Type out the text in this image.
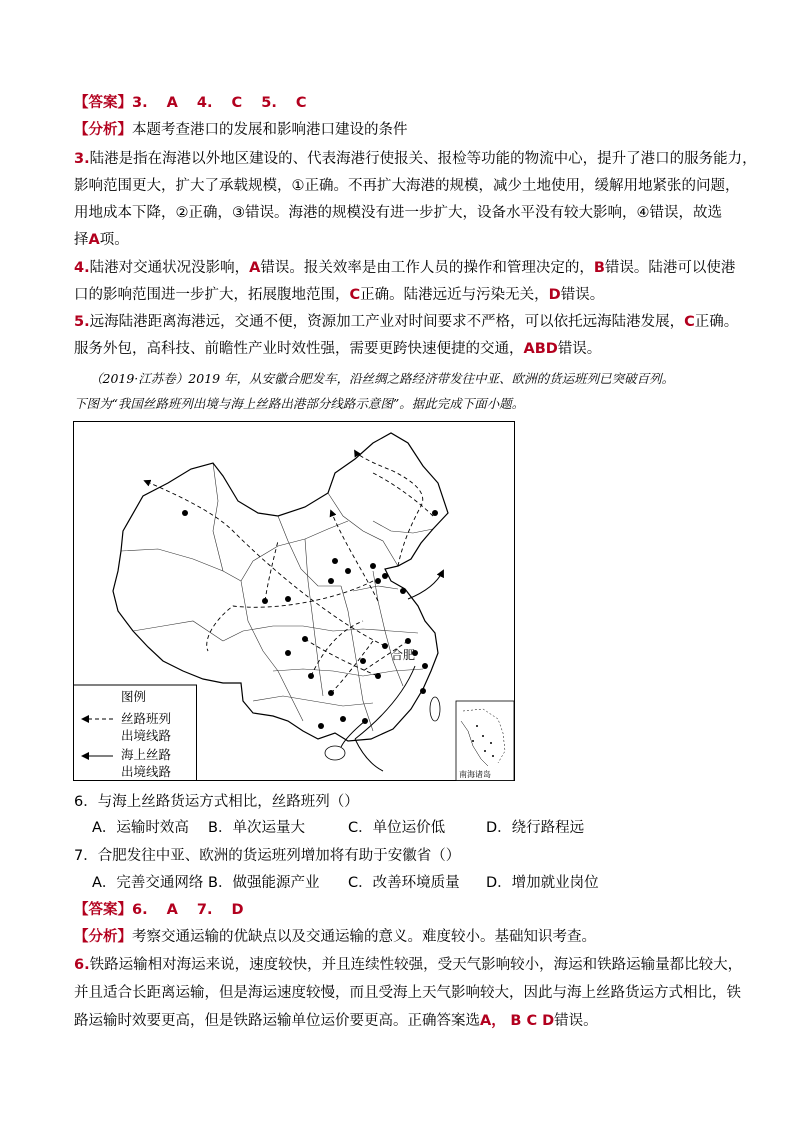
【答案】3. A 4. C 5. C
【分析】本题考查港口的发展和影响港口建设的条件
3.陆港是指在海港以外地区建设的、代表海港行使报关、报检等功能的物流中心，提升了港口的服务能力，
影响范围更大，扩大了承载规模，①正确。不再扩大海港的规模，减少土地使用，缓解用地紧张的问题，
用地成本下降，②正确，③错误。海港的规模没有进一步扩大，设备水平没有较大影响，④错误，故选
择A项。
4.陆港对交通状况没影响，A错误。报关效率是由工作人员的操作和管理决定的，B错误。陆港可以使港
口的影响范围进一步扩大，拓展腹地范围，C正确。陆港远近与污染无关，D错误。
5.远海陆港距离海港远，交通不便，资源加工产业对时间要求不严格，可以依托远海陆港发展，C正确。
服务外包，高科技、前瞻性产业时效性强，需要更跨快速便捷的交通，ABD错误。
（2019·江苏卷）2019 年，从安徽合肥发车，沿丝绸之路经济带发往中亚、欧洲的货运班列已突破百列。
下图为“我国丝路班列出境与海上丝路出港部分线路示意图”。据此完成下面小题。
合肥
图例
丝路班列
出境线路
海上丝路
出境线路	南海诸岛
6．与海上丝路货运方式相比，丝路班列（）
A．运输时效高 B．单次运量大	C．单位运价低	D．绕行路程远
7．合肥发往中亚、欧洲的货运班列增加将有助于安徽省（）
A．完善交通网络 B．做强能源产业 C．改善环境质量 D．增加就业岗位
【答案】6. A 7. D
【分析】考察交通运输的优缺点以及交通运输的意义。难度较小。基础知识考查。
6.铁路运输相对海运来说，速度较快，并且连续性较强，受天气影响较小，海运和铁路运输量都比较大，
并且适合长距离运输，但是海运速度较慢，而且受海上天气影响较大，因此与海上丝路货运方式相比，铁
路运输时效要更高，但是铁路运输单位运价要更高。正确答案选A， B C D错误。
